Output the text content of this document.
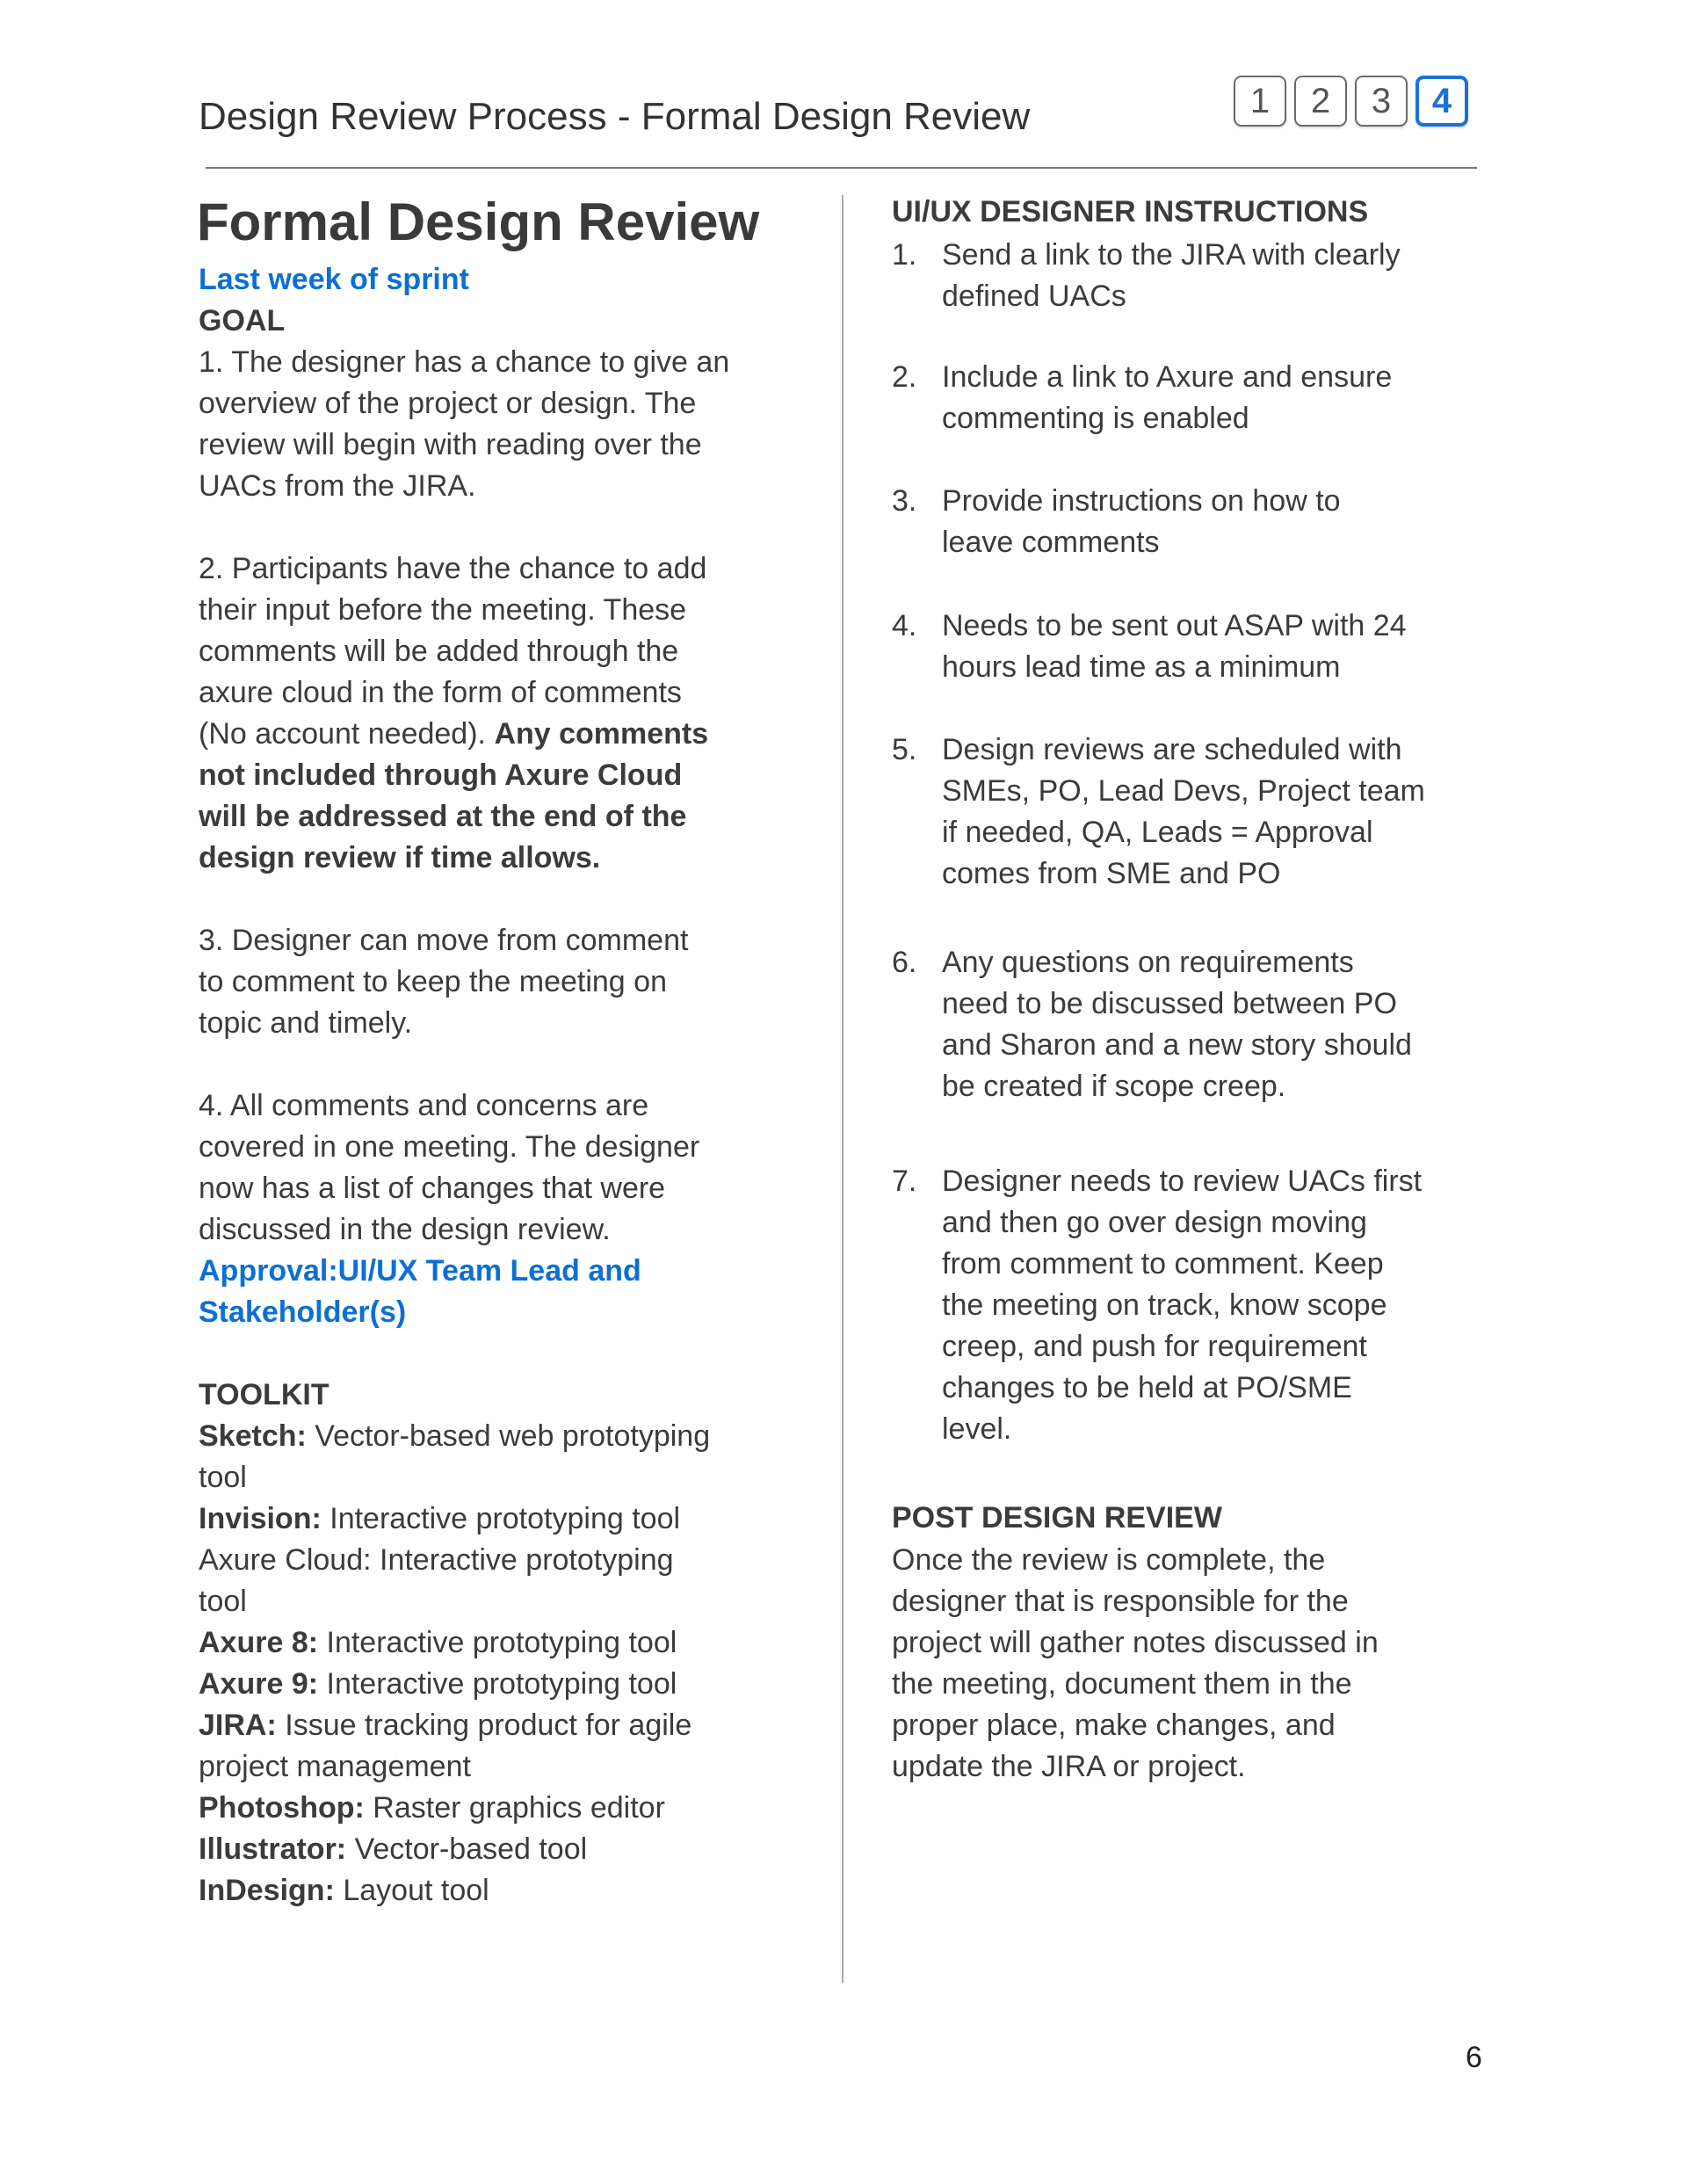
Design Review Process - Formal Design Review	1	2	3	4
Formal Design Review
Last week of sprint
GOAL
1. The designer has a chance to give an
overview of the project or design. The
review will begin with reading over the
UACs from the JIRA.
2. Participants have the chance to add
their input before the meeting. These
comments will be added through the
axure cloud in the form of comments
(No account needed). Any comments
not included through Axure Cloud
will be addressed at the end of the
design review if time allows.
3. Designer can move from comment
to comment to keep the meeting on
topic and timely.
4. All comments and concerns are
covered in one meeting. The designer
now has a list of changes that were
discussed in the design review.
Approval:UI/UX Team Lead and
Stakeholder(s)
TOOLKIT
Sketch: Vector-based web prototyping
tool
Invision: Interactive prototyping tool
Axure Cloud: Interactive prototyping
tool
Axure 8: Interactive prototyping tool
Axure 9: Interactive prototyping tool
JIRA: Issue tracking product for agile
project management
Photoshop: Raster graphics editor
Illustrator: Vector-based tool
InDesign: Layout tool
UI/UX DESIGNER INSTRUCTIONS
1. Send a link to the JIRA with clearly
defined UACs
2. Include a link to Axure and ensure
commenting is enabled
3. Provide instructions on how to
leave comments
4. Needs to be sent out ASAP with 24
hours lead time as a minimum
5. Design reviews are scheduled with
SMEs, PO, Lead Devs, Project team
if needed, QA, Leads = Approval
comes from SME and PO
6. Any questions on requirements
need to be discussed between PO
and Sharon and a new story should
be created if scope creep.
7. Designer needs to review UACs first
and then go over design moving
from comment to comment. Keep
the meeting on track, know scope
creep, and push for requirement
changes to be held at PO/SME
level.
POST DESIGN REVIEW
Once the review is complete, the
designer that is responsible for the
project will gather notes discussed in
the meeting, document them in the
proper place, make changes, and
update the JIRA or project.
6
